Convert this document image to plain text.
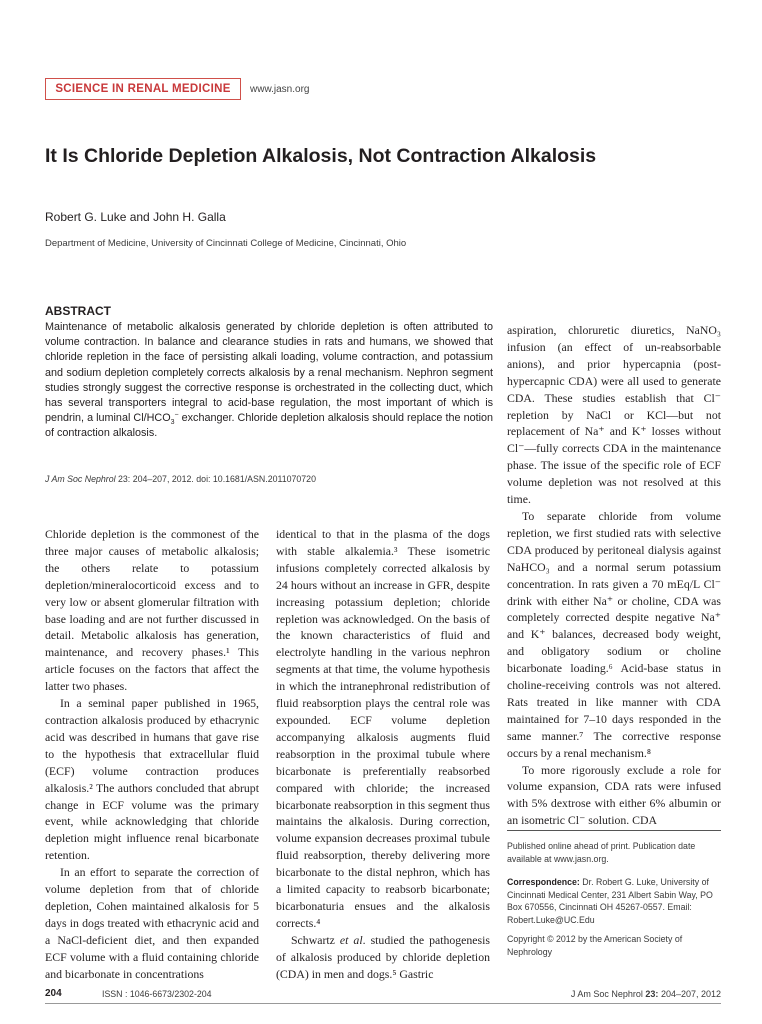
SCIENCE IN RENAL MEDICINE	www.jasn.org
It Is Chloride Depletion Alkalosis, Not Contraction Alkalosis
Robert G. Luke and John H. Galla
Department of Medicine, University of Cincinnati College of Medicine, Cincinnati, Ohio
ABSTRACT

Maintenance of metabolic alkalosis generated by chloride depletion is often attributed to volume contraction. In balance and clearance studies in rats and humans, we showed that chloride repletion in the face of persisting alkali loading, volume contraction, and potassium and sodium depletion completely corrects alkalosis by a renal mechanism. Nephron segment studies strongly suggest the corrective response is orchestrated in the collecting duct, which has several transporters integral to acid-base regulation, the most important of which is pendrin, a luminal $Cl/HCO_3^-$ exchanger. Chloride depletion alkalosis should replace the notion of contraction alkalosis.

J Am Soc Nephrol 23: 204–207, 2012. doi: 10.1681/ASN.2011070720

Chloride depletion is the commonest of the three major causes of metabolic alkalosis; the others relate to potassium depletion/mineralocorticoid excess and to very low or absent glomerular filtration with base loading and are not further discussed in detail. Metabolic alkalosis has generation, maintenance, and recovery phases.¹ This article focuses on the factors that affect the latter two phases.

In a seminal paper published in 1965, contraction alkalosis produced by ethacrynic acid was described in humans that gave rise to the hypothesis that extracellular fluid (ECF) volume contraction produces alkalosis.² The authors concluded that abrupt change in ECF volume was the primary event, while acknowledging that chloride depletion might influence renal bicarbonate retention.

In an effort to separate the correction of volume depletion from that of chloride depletion, Cohen maintained alkalosis for 5 days in dogs treated with ethacrynic acid and a NaCl-deficient diet, and then expanded ECF volume with a fluid containing chloride and bicarbonate in concentrations

identical to that in the plasma of the dogs with stable alkalemia.³ These isometric infusions completely corrected alkalosis by 24 hours without an increase in GFR, despite increasing potassium depletion; chloride repletion was acknowledged. On the basis of the known characteristics of fluid and electrolyte handling in the various nephron segments at that time, the volume hypothesis in which the intranephronal redistribution of fluid reabsorption plays the central role was expounded. ECF volume depletion accompanying alkalosis augments fluid reabsorption in the proximal tubule where bicarbonate is preferentially reabsorbed compared with chloride; the increased bicarbonate reabsorption in this segment thus maintains the alkalosis. During correction, volume expansion decreases proximal tubule fluid reabsorption, thereby delivering more bicarbonate to the distal nephron, which has a limited capacity to reabsorb bicarbonate; bicarbonaturia ensues and the alkalosis corrects.⁴

Schwartz et al. studied the pathogenesis of alkalosis produced by chloride depletion (CDA) in men and dogs.⁵ Gastric

aspiration, chloruretic diuretics, NaNO₃ infusion (an effect of un-reabsorbable anions), and prior hypercapnia (post-hypercapnic CDA) were all used to generate CDA. These studies establish that Cl⁻ repletion by NaCl or KCl—but not replacement of Na⁺ and K⁺ losses without Cl⁻—fully corrects CDA in the maintenance phase. The issue of the specific role of ECF volume depletion was not resolved at this time.

To separate chloride from volume repletion, we first studied rats with selective CDA produced by peritoneal dialysis against NaHCO₃ and a normal serum potassium concentration. In rats given a 70 mEq/L Cl⁻ drink with either Na⁺ or choline, CDA was completely corrected despite negative Na⁺ and K⁺ balances, decreased body weight, and obligatory sodium or choline bicarbonate loading.⁶ Acid-base status in choline-receiving controls was not altered. Rats treated in like manner with CDA maintained for 7–10 days responded in the same manner.⁷ The corrective response occurs by a renal mechanism.⁸

To more rigorously exclude a role for volume expansion, CDA rats were infused with 5% dextrose with either 6% albumin or an isometric Cl⁻ solution. CDA

Published online ahead of print. Publication date available at www.jasn.org.

Correspondence: Dr. Robert G. Luke, University of Cincinnati Medical Center, 231 Albert Sabin Way, PO Box 670556, Cincinnati OH 45267-0557. Email: Robert.Luke@UC.Edu

Copyright © 2012 by the American Society of Nephrology

204	ISSN : 1046-6673/2302-204	J Am Soc Nephrol 23: 204–207, 2012
